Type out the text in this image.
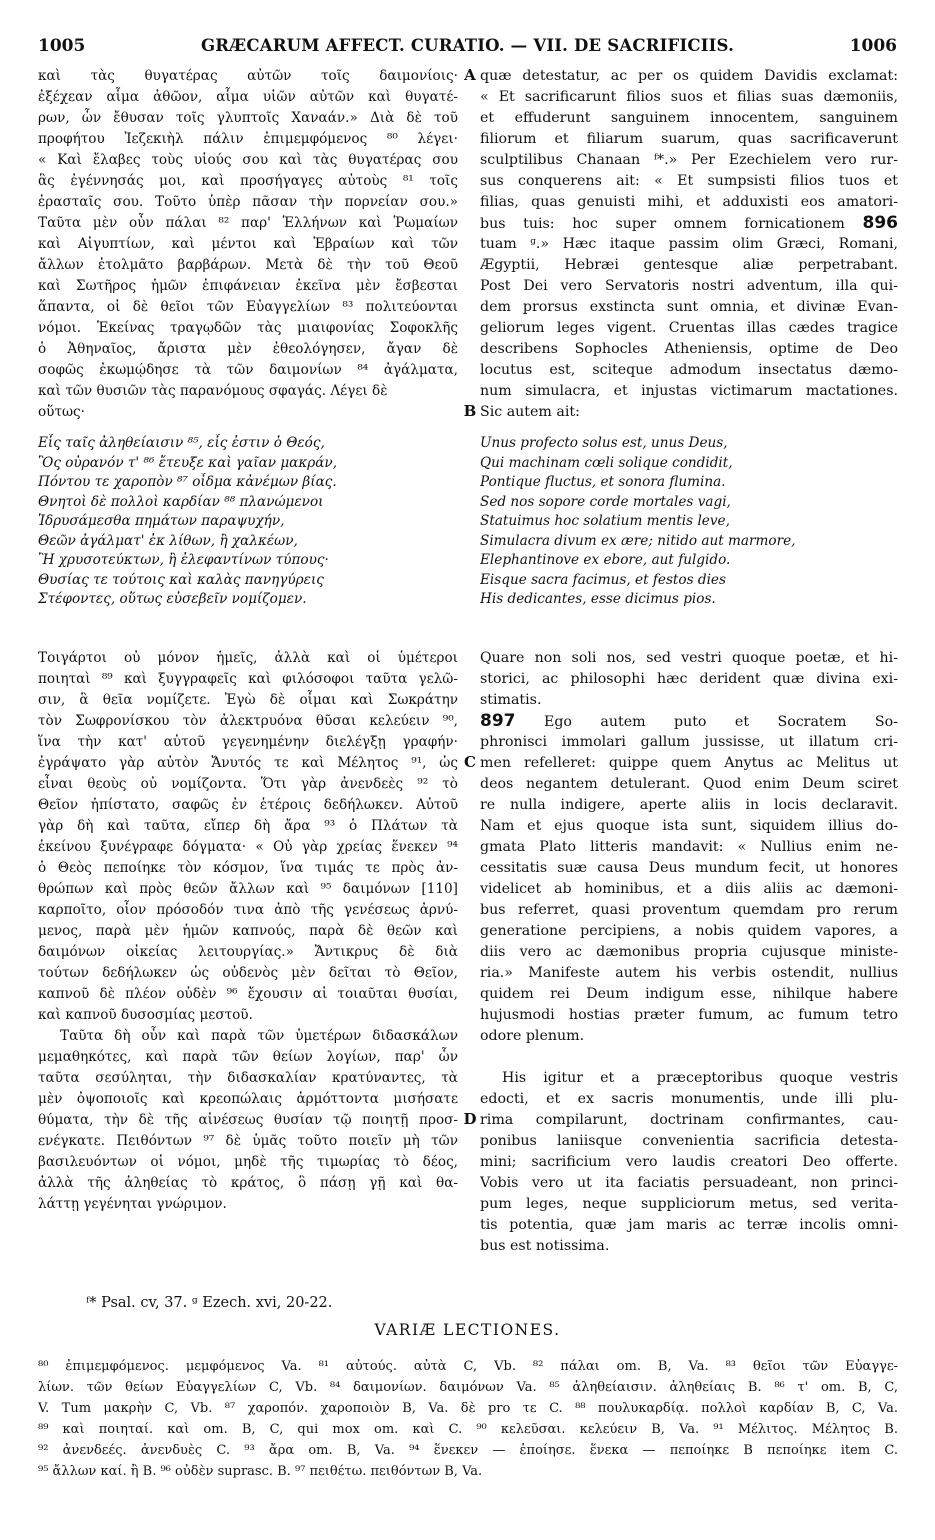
1005	GRÆCARUM AFFECT. CURATIO. — VII. DE SACRIFICIIS.	1006
καὶ τὰς θυγατέρας αὐτῶν τοῖς δαιμονίοις·
ἐξέχεαν αἷμα ἀθῶον, αἷμα υἱῶν αὐτῶν καὶ θυγατέ-
ρων, ὧν ἔθυσαν τοῖς γλυπτοῖς Χαναάν.» Διὰ δὲ τοῦ
προφήτου Ἰεζεκιὴλ πάλιν ἐπιμεμφόμενος ⁸⁰ λέγει·
« Καὶ ἔλαβες τοὺς υἱούς σου καὶ τὰς θυγατέρας σου
ἃς ἐγέννησάς μοι, καὶ προσήγαγες αὐτοὺς ⁸¹ τοῖς
ἐρασταῖς σου. Τοῦτο ὑπὲρ πᾶσαν τὴν πορνείαν σου.»
Ταῦτα μὲν οὖν πάλαι ⁸² παρ' Ἑλλήνων καὶ Ῥωμαίων
καὶ Αἰγυπτίων, καὶ μέντοι καὶ Ἑβραίων καὶ τῶν
ἄλλων ἐτολμᾶτο βαρβάρων. Μετὰ δὲ τὴν τοῦ Θεοῦ
καὶ Σωτῆρος ἡμῶν ἐπιφάνειαν ἐκεῖνα μὲν ἔσβεσται
ἅπαντα, οἱ δὲ θεῖοι τῶν Εὐαγγελίων ⁸³ πολιτεύονται
νόμοι. Ἐκείνας τραγῳδῶν τὰς μιαιφονίας Σοφοκλῆς
ὁ Ἀθηναῖος, ἄριστα μὲν ἐθεολόγησεν, ἄγαν δὲ
σοφῶς ἐκωμῴδησε τὰ τῶν δαιμονίων ⁸⁴ ἀγάλματα,
καὶ τῶν θυσιῶν τὰς παρανόμους σφαγάς. Λέγει δὲ
οὕτως·
Εἷς ταῖς ἀληθείαισιν ⁸⁵, εἷς ἐστιν ὁ Θεός,
Ὃς οὐρανόν τ' ⁸⁶ ἔτευξε καὶ γαῖαν μακράν,
Πόντου τε χαροπὸν ⁸⁷ οἶδμα κἀνέμων βίας.
Θνητοὶ δὲ πολλοὶ καρδίαν ⁸⁸ πλανώμενοι
Ἱδρυσάμεσθα πημάτων παραψυχήν,
Θεῶν ἀγάλματ' ἐκ λίθων, ἢ χαλκέων,
Ἢ χρυσοτεύκτων, ἢ ἐλεφαντίνων τύπους·
Θυσίας τε τούτοις καὶ καλὰς πανηγύρεις
Στέφοντες, οὕτως εὐσεβεῖν νομίζομεν.
Τοιγάρτοι οὐ μόνον ἡμεῖς, ἀλλὰ καὶ οἱ ὑμέτεροι
ποιηταὶ ⁸⁹ καὶ ξυγγραφεῖς καὶ φιλόσοφοι ταῦτα γελῶ-
σιν, ἃ θεῖα νομίζετε. Ἐγὼ δὲ οἶμαι καὶ Σωκράτην
τὸν Σωφρονίσκου τὸν ἀλεκτρυόνα θῦσαι κελεύειν ⁹⁰,
ἵνα τὴν κατ' αὐτοῦ γεγενημένην διελέγξῃ γραφήν·
ἐγράψατο γὰρ αὐτὸν Ἄνυτός τε καὶ Μέλητος ⁹¹, ὡς
εἶναι θεοὺς οὐ νομίζοντα. Ὅτι γὰρ ἀνενδεὲς ⁹² τὸ
Θεῖον ἠπίστατο, σαφῶς ἐν ἑτέροις δεδήλωκεν. Αὐτοῦ
γὰρ δὴ καὶ ταῦτα, εἴπερ δὴ ἄρα ⁹³ ὁ Πλάτων τὰ
ἐκείνου ξυνέγραφε δόγματα· « Οὐ γὰρ χρείας ἕνεκεν ⁹⁴
ὁ Θεὸς πεποίηκε τὸν κόσμον, ἵνα τιμάς τε πρὸς ἀν-
θρώπων καὶ πρὸς θεῶν ἄλλων καὶ ⁹⁵ δαιμόνων [110]
καρποῖτο, οἷον πρόσοδόν τινα ἀπὸ τῆς γενέσεως ἀρνύ-
μενος, παρὰ μὲν ἡμῶν καπνούς, παρὰ δὲ θεῶν καὶ
δαιμόνων οἰκείας λειτουργίας.» Ἄντικρυς δὲ διὰ
τούτων δεδήλωκεν ὡς οὐδενὸς μὲν δεῖται τὸ Θεῖον,
καπνοῦ δὲ πλέον οὐδὲν ⁹⁶ ἔχουσιν αἱ τοιαῦται θυσίαι,
καὶ καπνοῦ δυσοσμίας μεστοῦ.
Ταῦτα δὴ οὖν καὶ παρὰ τῶν ὑμετέρων διδασκάλων
μεμαθηκότες, καὶ παρὰ τῶν θείων λογίων, παρ' ὧν
ταῦτα σεσύληται, τὴν διδασκαλίαν κρατύναντες, τὰ
μὲν ὀψοποιοῖς καὶ κρεοπώλαις ἁρμόττοντα μισήσατε
θύματα, τὴν δὲ τῆς αἰνέσεως θυσίαν τῷ ποιητῇ προσ-
ενέγκατε. Πειθόντων ⁹⁷ δὲ ὑμᾶς τοῦτο ποιεῖν μὴ τῶν
βασιλευόντων οἱ νόμοι, μηδὲ τῆς τιμωρίας τὸ δέος,
ἀλλὰ τῆς ἀληθείας τὸ κράτος, ὃ πάσῃ γῇ καὶ θα-
λάττῃ γεγένηται γνώριμον.
quæ detestatur, ac per os quidem Davidis exclamat:
« Et sacrificarunt filios suos et filias suas dæmoniis,
et effuderunt sanguinem innocentem, sanguinem
filiorum et filiarum suarum, quas sacrificaverunt
sculptilibus Chanaan ᶠ*.» Per Ezechielem vero rur-
sus conquerens ait: « Et sumpsisti filios tuos et
filias, quas genuisti mihi, et adduxisti eos amatori-
bus tuis: hoc super omnem fornicationem 896
tuam ᵍ.» Hæc itaque passim olim Græci, Romani,
Ægyptii, Hebræi gentesque aliæ perpetrabant.
Post Dei vero Servatoris nostri adventum, illa qui-
dem prorsus exstincta sunt omnia, et divinæ Evan-
geliorum leges vigent. Cruentas illas cædes tragice
describens Sophocles Atheniensis, optime de Deo
locutus est, sciteque admodum insectatus dæmo-
num simulacra, et injustas victimarum mactationes.
Sic autem ait:
Unus profecto solus est, unus Deus,
Qui machinam cœli solique condidit,
Pontique fluctus, et sonora flumina.
Sed nos sopore corde mortales vagi,
Statuimus hoc solatium mentis leve,
Simulacra divum ex ære; nitido aut marmore,
Elephantinove ex ebore, aut fulgido.
Eisque sacra facimus, et festos dies
His dedicantes, esse dicimus pios.
Quare non soli nos, sed vestri quoque poetæ, et hi-
storici, ac philosophi hæc derident quæ divina exi-
stimatis.
897 Ego autem puto et Socratem So-
phronisci immolari gallum jussisse, ut illatum cri-
men refelleret: quippe quem Anytus ac Melitus ut
deos negantem detulerant. Quod enim Deum sciret
re nulla indigere, aperte aliis in locis declaravit.
Nam et ejus quoque ista sunt, siquidem illius do-
gmata Plato litteris mandavit: « Nullius enim ne-
cessitatis suæ causa Deus mundum fecit, ut honores
videlicet ab hominibus, et a diis aliis ac dæmoni-
bus referret, quasi proventum quemdam pro rerum
generatione percipiens, a nobis quidem vapores, a
diis vero ac dæmonibus propria cujusque ministe-
ria.» Manifeste autem his verbis ostendit, nullius
quidem rei Deum indigum esse, nihilque habere
hujusmodi hostias præter fumum, ac fumum tetro
odore plenum.
His igitur et a præceptoribus quoque vestris
edocti, et ex sacris monumentis, unde illi plu-
rima compilarunt, doctrinam confirmantes, cau-
ponibus laniisque convenientia sacrificia detesta-
mini; sacrificium vero laudis creatori Deo offerte.
Vobis vero ut ita faciatis persuadeant, non princi-
pum leges, neque suppliciorum metus, sed verita-
tis potentia, quæ jam maris ac terræ incolis omni-
bus est notissima.
A
B
C
D
ᶠ* Psal. cv, 37. ᵍ Ezech. xvi, 20-22.
VARIÆ LECTIONES.
⁸⁰ ἐπιμεμφόμενος. μεμφόμενος Va. ⁸¹ αὐτούς. αὐτὰ C, Vb. ⁸² πάλαι om. B, Va. ⁸³ θεῖοι τῶν Εὐαγγε-
λίων. τῶν θείων Εὐαγγελίων C, Vb. ⁸⁴ δαιμονίων. δαιμόνων Va. ⁸⁵ ἀληθείαισιν. ἀληθείαις B. ⁸⁶ τ' om. B, C,
V. Tum μακρὴν C, Vb. ⁸⁷ χαροπόν. χαροποιὸν B, Va. δὲ pro τε C. ⁸⁸ πουλυκαρδίᾳ. πολλοὶ καρδίαν B, C, Va.
⁸⁹ καὶ ποιηταί. καὶ om. B, C, qui mox om. καὶ C. ⁹⁰ κελεῦσαι. κελεύειν B, Va. ⁹¹ Μέλιτος. Μέλητος B.
⁹² ἀνενδεές. ἀνενδυὲς C. ⁹³ ἄρα om. B, Va. ⁹⁴ ἕνεκεν — ἐποίησε. ἕνεκα — πεποίηκε B πεποίηκε item C.
⁹⁵ ἄλλων καί. ἢ B. ⁹⁶ οὐδὲν suprasc. B. ⁹⁷ πειθέτω. πειθόντων B, Va.
